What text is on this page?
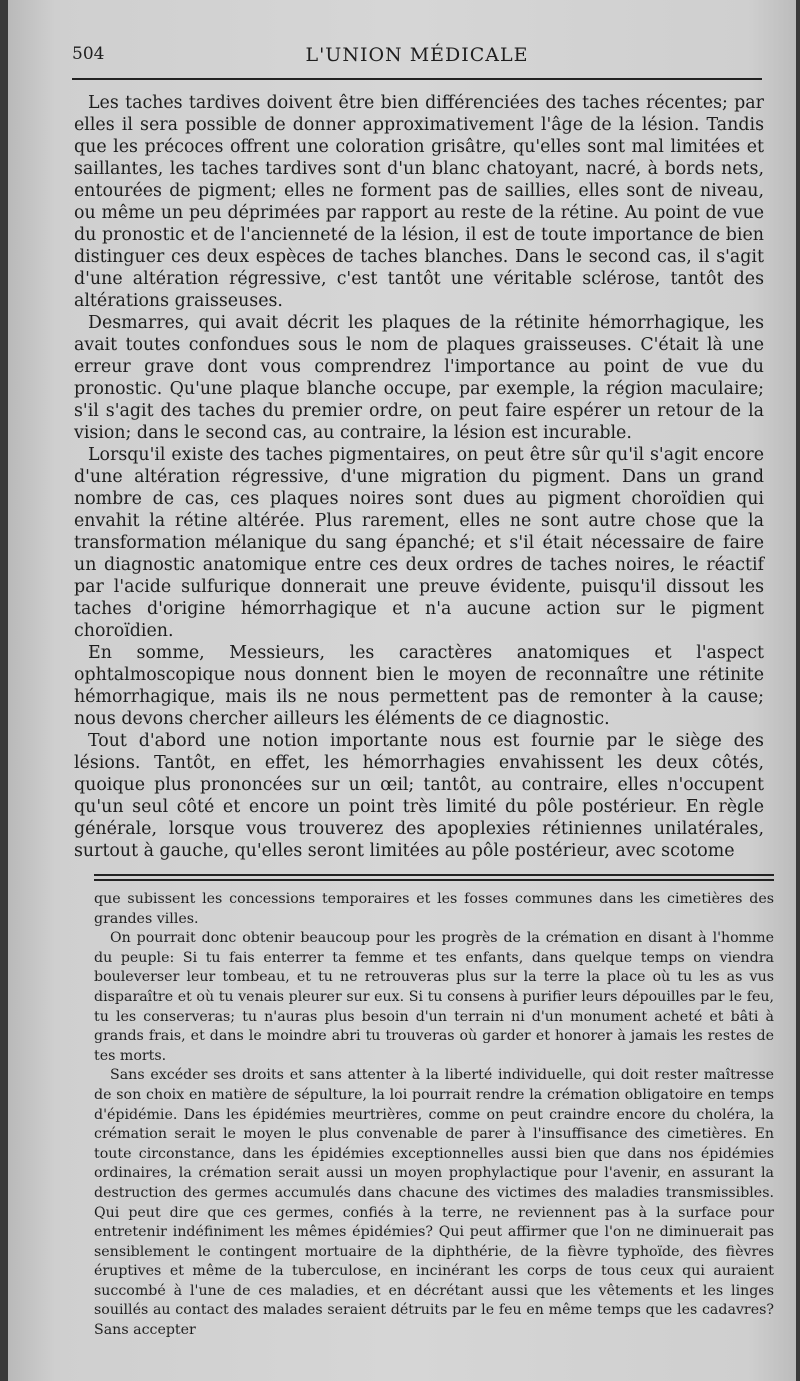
504	L'UNION MÉDICALE

Les taches tardives doivent être bien différenciées des taches récentes; par elles il sera possible de donner approximativement l'âge de la lésion. Tandis que les précoces offrent une coloration grisâtre, qu'elles sont mal limitées et saillantes, les taches tardives sont d'un blanc chatoyant, nacré, à bords nets, entourées de pigment; elles ne forment pas de saillies, elles sont de niveau, ou même un peu déprimées par rapport au reste de la rétine. Au point de vue du pronostic et de l'ancienneté de la lésion, il est de toute importance de bien distinguer ces deux espèces de taches blanches. Dans le second cas, il s'agit d'une altération régressive, c'est tantôt une véritable sclérose, tantôt des altérations graisseuses.

Desmarres, qui avait décrit les plaques de la rétinite hémorrhagique, les avait toutes confondues sous le nom de plaques graisseuses. C'était là une erreur grave dont vous comprendrez l'importance au point de vue du pronostic. Qu'une plaque blanche occupe, par exemple, la région maculaire; s'il s'agit des taches du premier ordre, on peut faire espérer un retour de la vision; dans le second cas, au contraire, la lésion est incurable.

Lorsqu'il existe des taches pigmentaires, on peut être sûr qu'il s'agit encore d'une altération régressive, d'une migration du pigment. Dans un grand nombre de cas, ces plaques noires sont dues au pigment choroïdien qui envahit la rétine altérée. Plus rarement, elles ne sont autre chose que la transformation mélanique du sang épanché; et s'il était nécessaire de faire un diagnostic anatomique entre ces deux ordres de taches noires, le réactif par l'acide sulfurique donnerait une preuve évidente, puisqu'il dissout les taches d'origine hémorrhagique et n'a aucune action sur le pigment choroïdien.

En somme, Messieurs, les caractères anatomiques et l'aspect ophtalmoscopique nous donnent bien le moyen de reconnaître une rétinite hémorrhagique, mais ils ne nous permettent pas de remonter à la cause; nous devons chercher ailleurs les éléments de ce diagnostic.

Tout d'abord une notion importante nous est fournie par le siège des lésions. Tantôt, en effet, les hémorrhagies envahissent les deux côtés, quoique plus prononcées sur un œil; tantôt, au contraire, elles n'occupent qu'un seul côté et encore un point très limité du pôle postérieur. En règle générale, lorsque vous trouverez des apoplexies rétiniennes unilatérales, surtout à gauche, qu'elles seront limitées au pôle postérieur, avec scotome

que subissent les concessions temporaires et les fosses communes dans les cimetières des grandes villes.

On pourrait donc obtenir beaucoup pour les progrès de la crémation en disant à l'homme du peuple: Si tu fais enterrer ta femme et tes enfants, dans quelque temps on viendra bouleverser leur tombeau, et tu ne retrouveras plus sur la terre la place où tu les as vus disparaître et où tu venais pleurer sur eux. Si tu consens à purifier leurs dépouilles par le feu, tu les conserveras; tu n'auras plus besoin d'un terrain ni d'un monument acheté et bâti à grands frais, et dans le moindre abri tu trouveras où garder et honorer à jamais les restes de tes morts.

Sans excéder ses droits et sans attenter à la liberté individuelle, qui doit rester maîtresse de son choix en matière de sépulture, la loi pourrait rendre la crémation obligatoire en temps d'épidémie. Dans les épidémies meurtrières, comme on peut craindre encore du choléra, la crémation serait le moyen le plus convenable de parer à l'insuffisance des cimetières. En toute circonstance, dans les épidémies exceptionnelles aussi bien que dans nos épidémies ordinaires, la crémation serait aussi un moyen prophylactique pour l'avenir, en assurant la destruction des germes accumulés dans chacune des victimes des maladies transmissibles. Qui peut dire que ces germes, confiés à la terre, ne reviennent pas à la surface pour entretenir indéfiniment les mêmes épidémies? Qui peut affirmer que l'on ne diminuerait pas sensiblement le contingent mortuaire de la diphthérie, de la fièvre typhoïde, des fièvres éruptives et même de la tuberculose, en incinérant les corps de tous ceux qui auraient succombé à l'une de ces maladies, et en décrétant aussi que les vêtements et les linges souillés au contact des malades seraient détruits par le feu en même temps que les cadavres? Sans accepter
